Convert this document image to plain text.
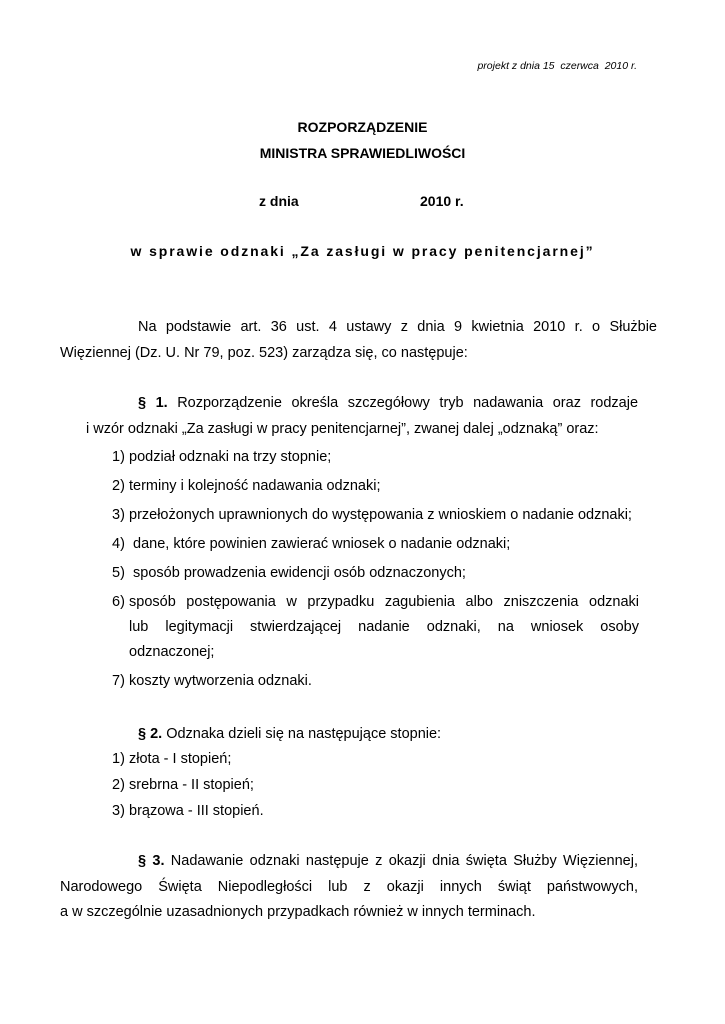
projekt z dnia 15  czerwca  2010 r.
ROZPORZĄDZENIE
MINISTRA SPRAWIEDLIWOŚCI
z dnia	2010 r.
w sprawie odznaki „Za zasługi w pracy penitencjarnej”
Na podstawie art. 36 ust. 4 ustawy z dnia 9 kwietnia 2010 r. o Służbie
Więziennej (Dz. U. Nr 79, poz. 523) zarządza się, co następuje:
§ 1. Rozporządzenie określa szczegółowy tryb nadawania oraz rodzaje
i wzór odznaki „Za zasługi w pracy penitencjarnej”, zwanej dalej „odznaką” oraz:
1) podział odznaki na trzy stopnie;
2) terminy i kolejność nadawania odznaki;
3) przełożonych uprawnionych do występowania z wnioskiem o nadanie odznaki;
4) dane, które powinien zawierać wniosek o nadanie odznaki;
5) sposób prowadzenia ewidencji osób odznaczonych;
6) sposób postępowania w przypadku zagubienia albo zniszczenia odznaki
lub legitymacji stwierdzającej nadanie odznaki, na wniosek osoby
odznaczonej;
7) koszty wytworzenia odznaki.
§ 2. Odznaka dzieli się na następujące stopnie:
1) złota - I stopień;
2) srebrna - II stopień;
3) brązowa - III stopień.
§ 3. Nadawanie odznaki następuje z okazji dnia święta Służby Więziennej,
Narodowego Święta Niepodległości lub z okazji innych świąt państwowych,
a w szczególnie uzasadnionych przypadkach również w innych terminach.
